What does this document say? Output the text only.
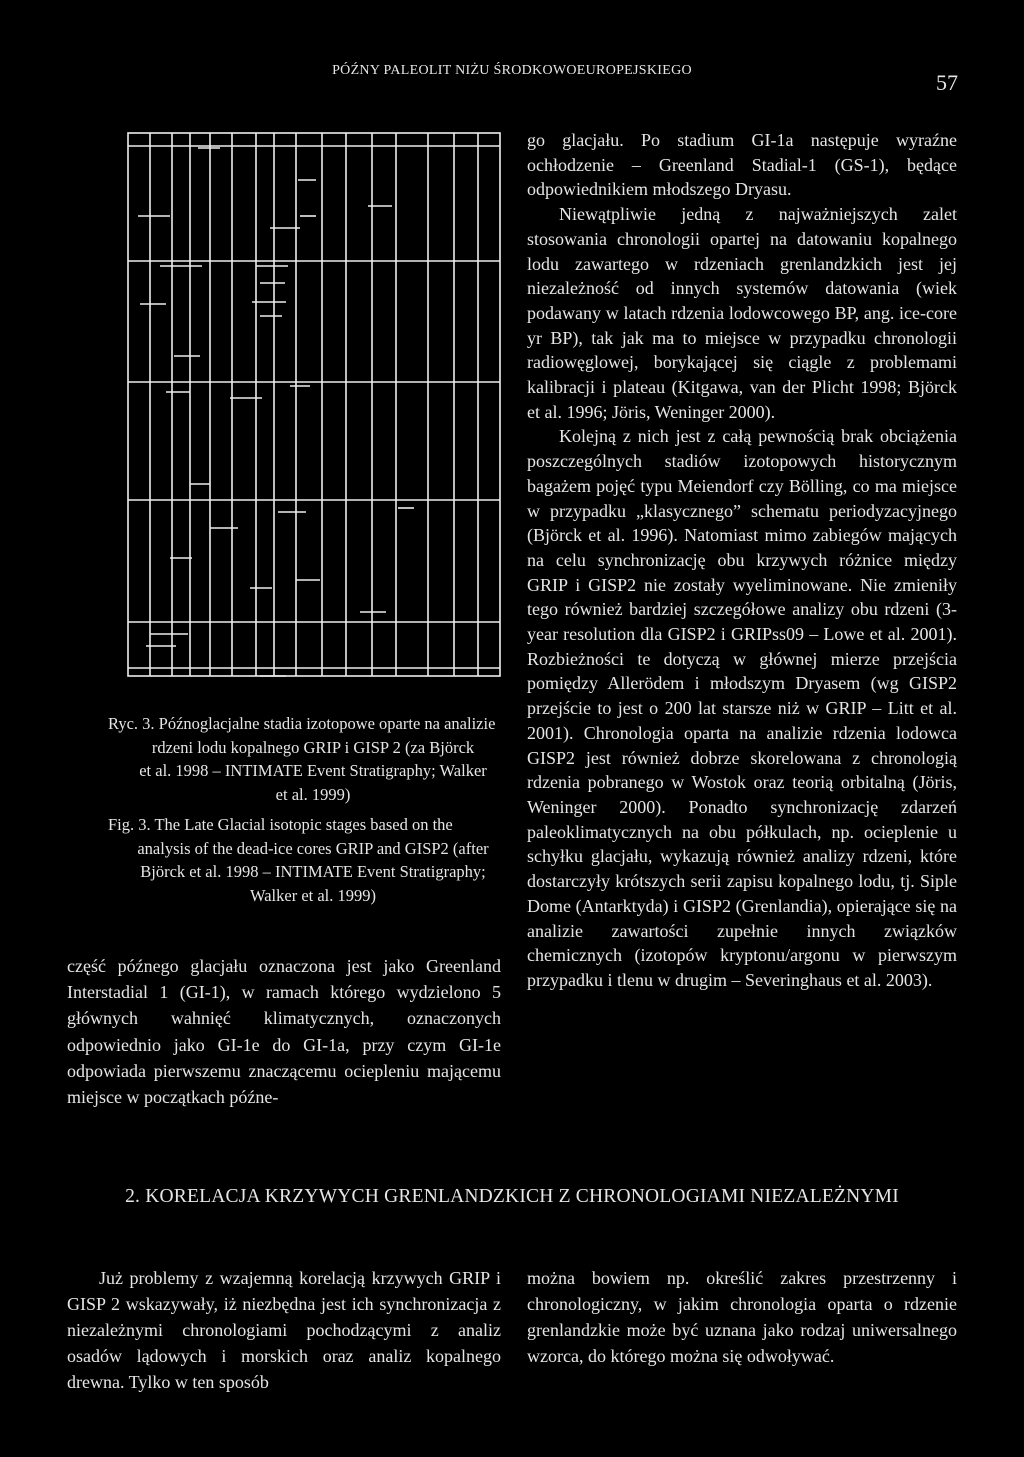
PÓŹNY PALEOLIT NIŻU ŚRODKOWOEUROPEJSKIEGO	57

Ryc. 3. Późnoglacjalne stadia izotopowe oparte na analizie

rdzeni lodu kopalnego GRIP i GISP 2 (za Björck

et al. 1998 – INTIMATE Event Stratigraphy; Walker

et al. 1999)

Fig. 3. The Late Glacial isotopic stages based on the

analysis of the dead-ice cores GRIP and GISP2 (after

Björck et al. 1998 – INTIMATE Event Stratigraphy;

Walker et al. 1999)

część późnego glacjału oznaczona jest jako Greenland Interstadial 1 (GI-1), w ramach którego wydzielono 5 głównych wahnięć klimatycznych, oznaczonych odpowiednio jako GI-1e do GI-1a, przy czym GI-1e odpowiada pierwszemu znaczącemu ociepleniu mającemu miejsce w początkach późne-

go glacjału. Po stadium GI-1a następuje wyraźne ochłodzenie – Greenland Stadial-1 (GS-1), będące odpowiednikiem młodszego Dryasu.

Niewątpliwie jedną z najważniejszych zalet stosowania chronologii opartej na datowaniu kopalnego lodu zawartego w rdzeniach grenlandzkich jest jej niezależność od innych systemów datowania (wiek podawany w latach rdzenia lodowcowego BP, ang. ice-core yr BP), tak jak ma to miejsce w przypadku chronologii radiowęglowej, borykającej się ciągle z problemami kalibracji i plateau (Kitgawa, van der Plicht 1998; Björck et al. 1996; Jöris, Weninger 2000).

Kolejną z nich jest z całą pewnością brak obciążenia poszczególnych stadiów izotopowych historycznym bagażem pojęć typu Meiendorf czy Bölling, co ma miejsce w przypadku „klasycznego” schematu periodyzacyjnego (Björck et al. 1996). Natomiast mimo zabiegów mających na celu synchronizację obu krzywych różnice między GRIP i GISP2 nie zostały wyeliminowane. Nie zmieniły tego również bardziej szczegółowe analizy obu rdzeni (3-year resolution dla GISP2 i GRIPss09 – Lowe et al. 2001). Rozbieżności te dotyczą w głównej mierze przejścia pomiędzy Allerödem i młodszym Dryasem (wg GISP2 przejście to jest o 200 lat starsze niż w GRIP – Litt et al. 2001). Chronologia oparta na analizie rdzenia lodowca GISP2 jest również dobrze skorelowana z chronologią rdzenia pobranego w Wostok oraz teorią orbitalną (Jöris, Weninger 2000). Ponadto synchronizację zdarzeń paleoklimatycznych na obu półkulach, np. ocieplenie u schyłku glacjału, wykazują również analizy rdzeni, które dostarczyły krótszych serii zapisu kopalnego lodu, tj. Siple Dome (Antarktyda) i GISP2 (Grenlandia), opierające się na analizie zawartości zupełnie innych związków chemicznych (izotopów kryptonu/argonu w pierwszym przypadku i tlenu w drugim – Severinghaus et al. 2003).

2. KORELACJA KRZYWYCH GRENLANDZKICH Z CHRONOLOGIAMI NIEZALEŻNYMI

Już problemy z wzajemną korelacją krzywych GRIP i GISP 2 wskazywały, iż niezbędna jest ich synchronizacja z niezależnymi chronologiami pochodzącymi z analiz osadów lądowych i morskich oraz analiz kopalnego drewna. Tylko w ten sposób

można bowiem np. określić zakres przestrzenny i chronologiczny, w jakim chronologia oparta o rdzenie grenlandzkie może być uznana jako rodzaj uniwersalnego wzorca, do którego można się odwoływać.
